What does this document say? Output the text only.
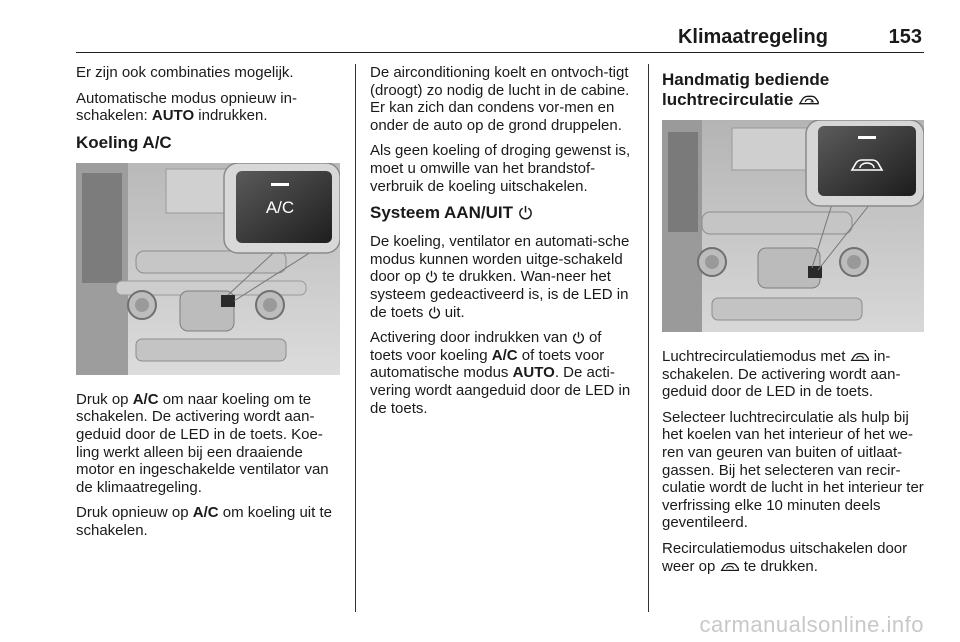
Klimaatregeling	153

Er zijn ook combinaties mogelijk.

Automatische modus opnieuw in-schakelen: AUTO indrukken.

Koeling A/C
A/C

Druk op A/C om naar koeling om te schakelen. De activering wordt aan-geduid door de LED in de toets. Koe-ling werkt alleen bij een draaiende motor en ingeschakelde ventilator van de klimaatregeling.

Druk opnieuw op A/C om koeling uit te schakelen.

De airconditioning koelt en ontvoch-tigt (droogt) zo nodig de lucht in de cabine. Er kan zich dan condens vor-men en onder de auto op de grond druppelen.

Als geen koeling of droging gewenst is, moet u omwille van het brandstof-verbruik de koeling uitschakelen.

Systeem AAN/UIT

De koeling, ventilator en automati-sche modus kunnen worden uitge-schakeld door op  te drukken. Wan-neer het systeem gedeactiveerd is, is de LED in de toets  uit.

Activering door indrukken van  of toets voor koeling A/C of toets voor automatische modus AUTO. De acti-vering wordt aangeduid door de LED in de toets.

Handmatig bediende
luchtrecirculatie

Luchtrecirculatiemodus met  in-schakelen. De activering wordt aan-geduid door de LED in de toets.

Selecteer luchtrecirculatie als hulp bij het koelen van het interieur of het we-ren van geuren van buiten of uitlaat-gassen. Bij het selecteren van recir-culatie wordt de lucht in het interieur ter verfrissing elke 10 minuten deels geventileerd.

Recirculatiemodus uitschakelen door weer op  te drukken.

carmanualsonline.info
